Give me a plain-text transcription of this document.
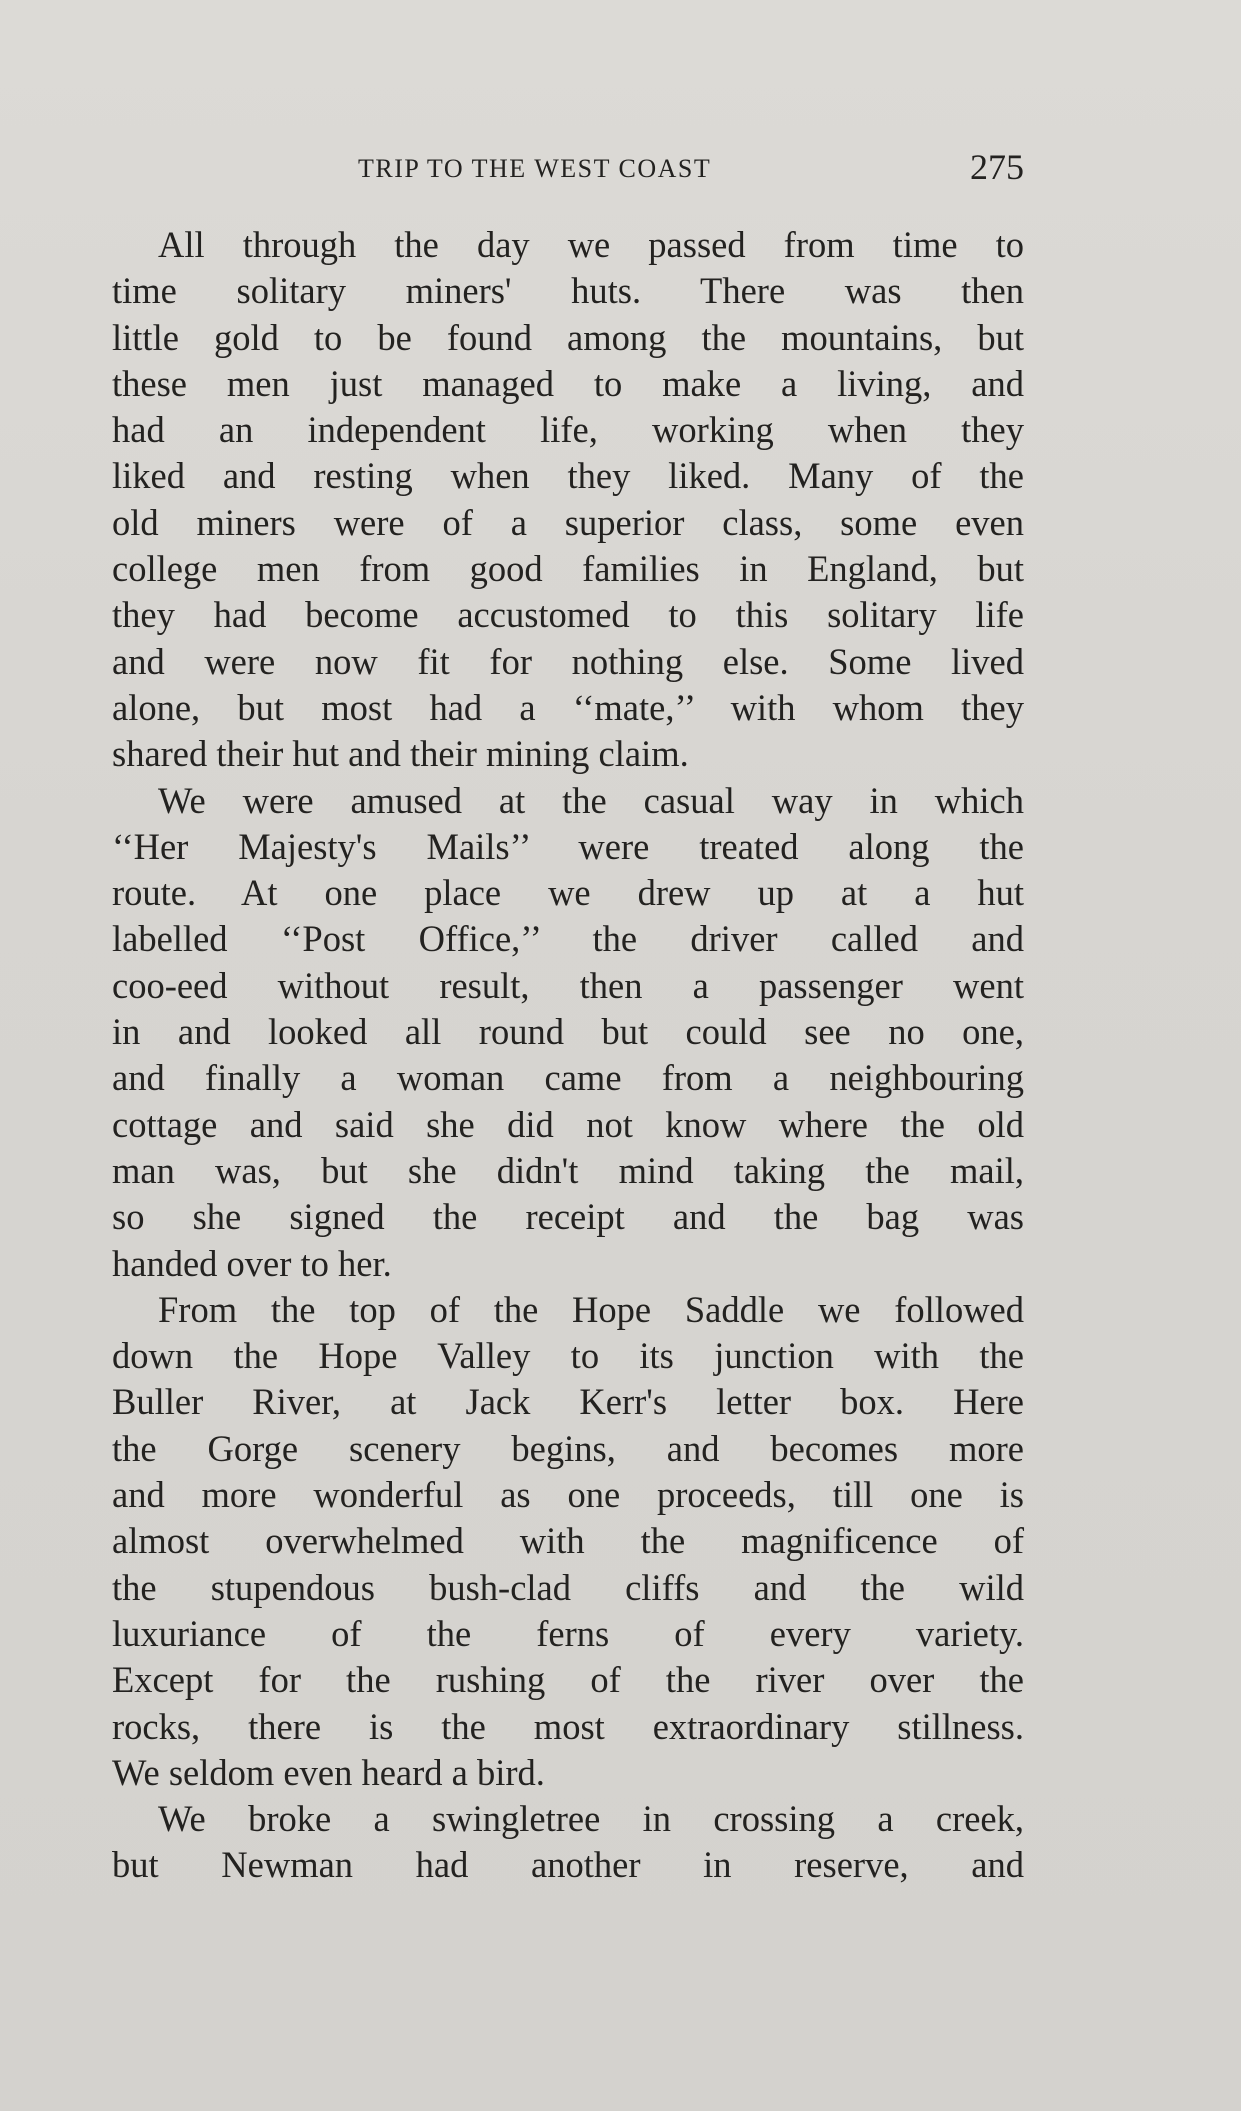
TRIP TO THE WEST COAST	275
All through the day we passed from time to
time solitary miners' huts. There was then
little gold to be found among the mountains, but
these men just managed to make a living, and
had an independent life, working when they
liked and resting when they liked. Many of the
old miners were of a superior class, some even
college men from good families in England, but
they had become accustomed to this solitary life
and were now fit for nothing else. Some lived
alone, but most had a ‘‘mate,’’ with whom they
shared their hut and their mining claim.
We were amused at the casual way in which
‘‘Her Majesty's Mails’’ were treated along the
route. At one place we drew up at a hut
labelled ‘‘Post Office,’’ the driver called and
coo-eed without result, then a passenger went
in and looked all round but could see no one,
and finally a woman came from a neighbouring
cottage and said she did not know where the old
man was, but she didn't mind taking the mail,
so she signed the receipt and the bag was
handed over to her.
From the top of the Hope Saddle we followed
down the Hope Valley to its junction with the
Buller River, at Jack Kerr's letter box. Here
the Gorge scenery begins, and becomes more
and more wonderful as one proceeds, till one is
almost overwhelmed with the magnificence of
the stupendous bush-clad cliffs and the wild
luxuriance of the ferns of every variety.
Except for the rushing of the river over the
rocks, there is the most extraordinary stillness.
We seldom even heard a bird.
We broke a swingletree in crossing a creek,
but Newman had another in reserve, and
